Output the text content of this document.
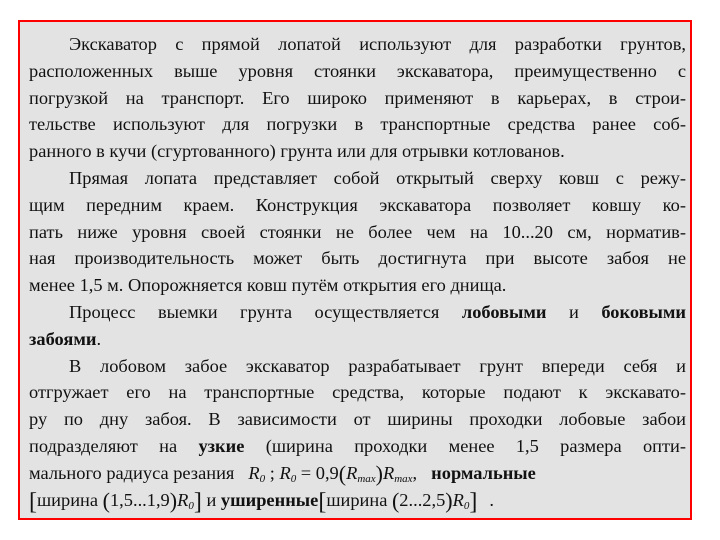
Экскаватор с прямой лопатой используют для разработки грунтов,
расположенных выше уровня стоянки экскаватора, преимущественно с
погрузкой на транспорт. Его широко применяют в карьерах, в строи-
тельстве используют для погрузки в транспортные средства ранее соб-
ранного в кучи (сгуртованного) грунта или для отрывки котлованов.
Прямая лопата представляет собой открытый сверху ковш с режу-
щим передним краем. Конструкция экскаватора позволяет ковшу ко-
пать ниже уровня своей стоянки не более чем на 10...20 см, норматив-
ная производительность может быть достигнута при высоте забоя не
менее 1,5 м. Опорожняется ковш путём открытия его днища.
Процесс выемки грунта осуществляется лобовыми и боковыми
забоями.
В лобовом забое экскаватор разрабатывает грунт впереди себя и
отгружает его на транспортные средства, которые подают к экскавато-
ру по дну забоя. В зависимости от ширины проходки лобовые забои
подразделяют на узкие (ширина проходки менее 1,5 размера опти-
мального радиуса резания $R_0$ ; $R_0 = 0,9(R_{max})R_{max}$, нормальные
[ширина $(1,5...1,9)R_0$] и уширенные[ширина $(2...2,5)R_0$] .
